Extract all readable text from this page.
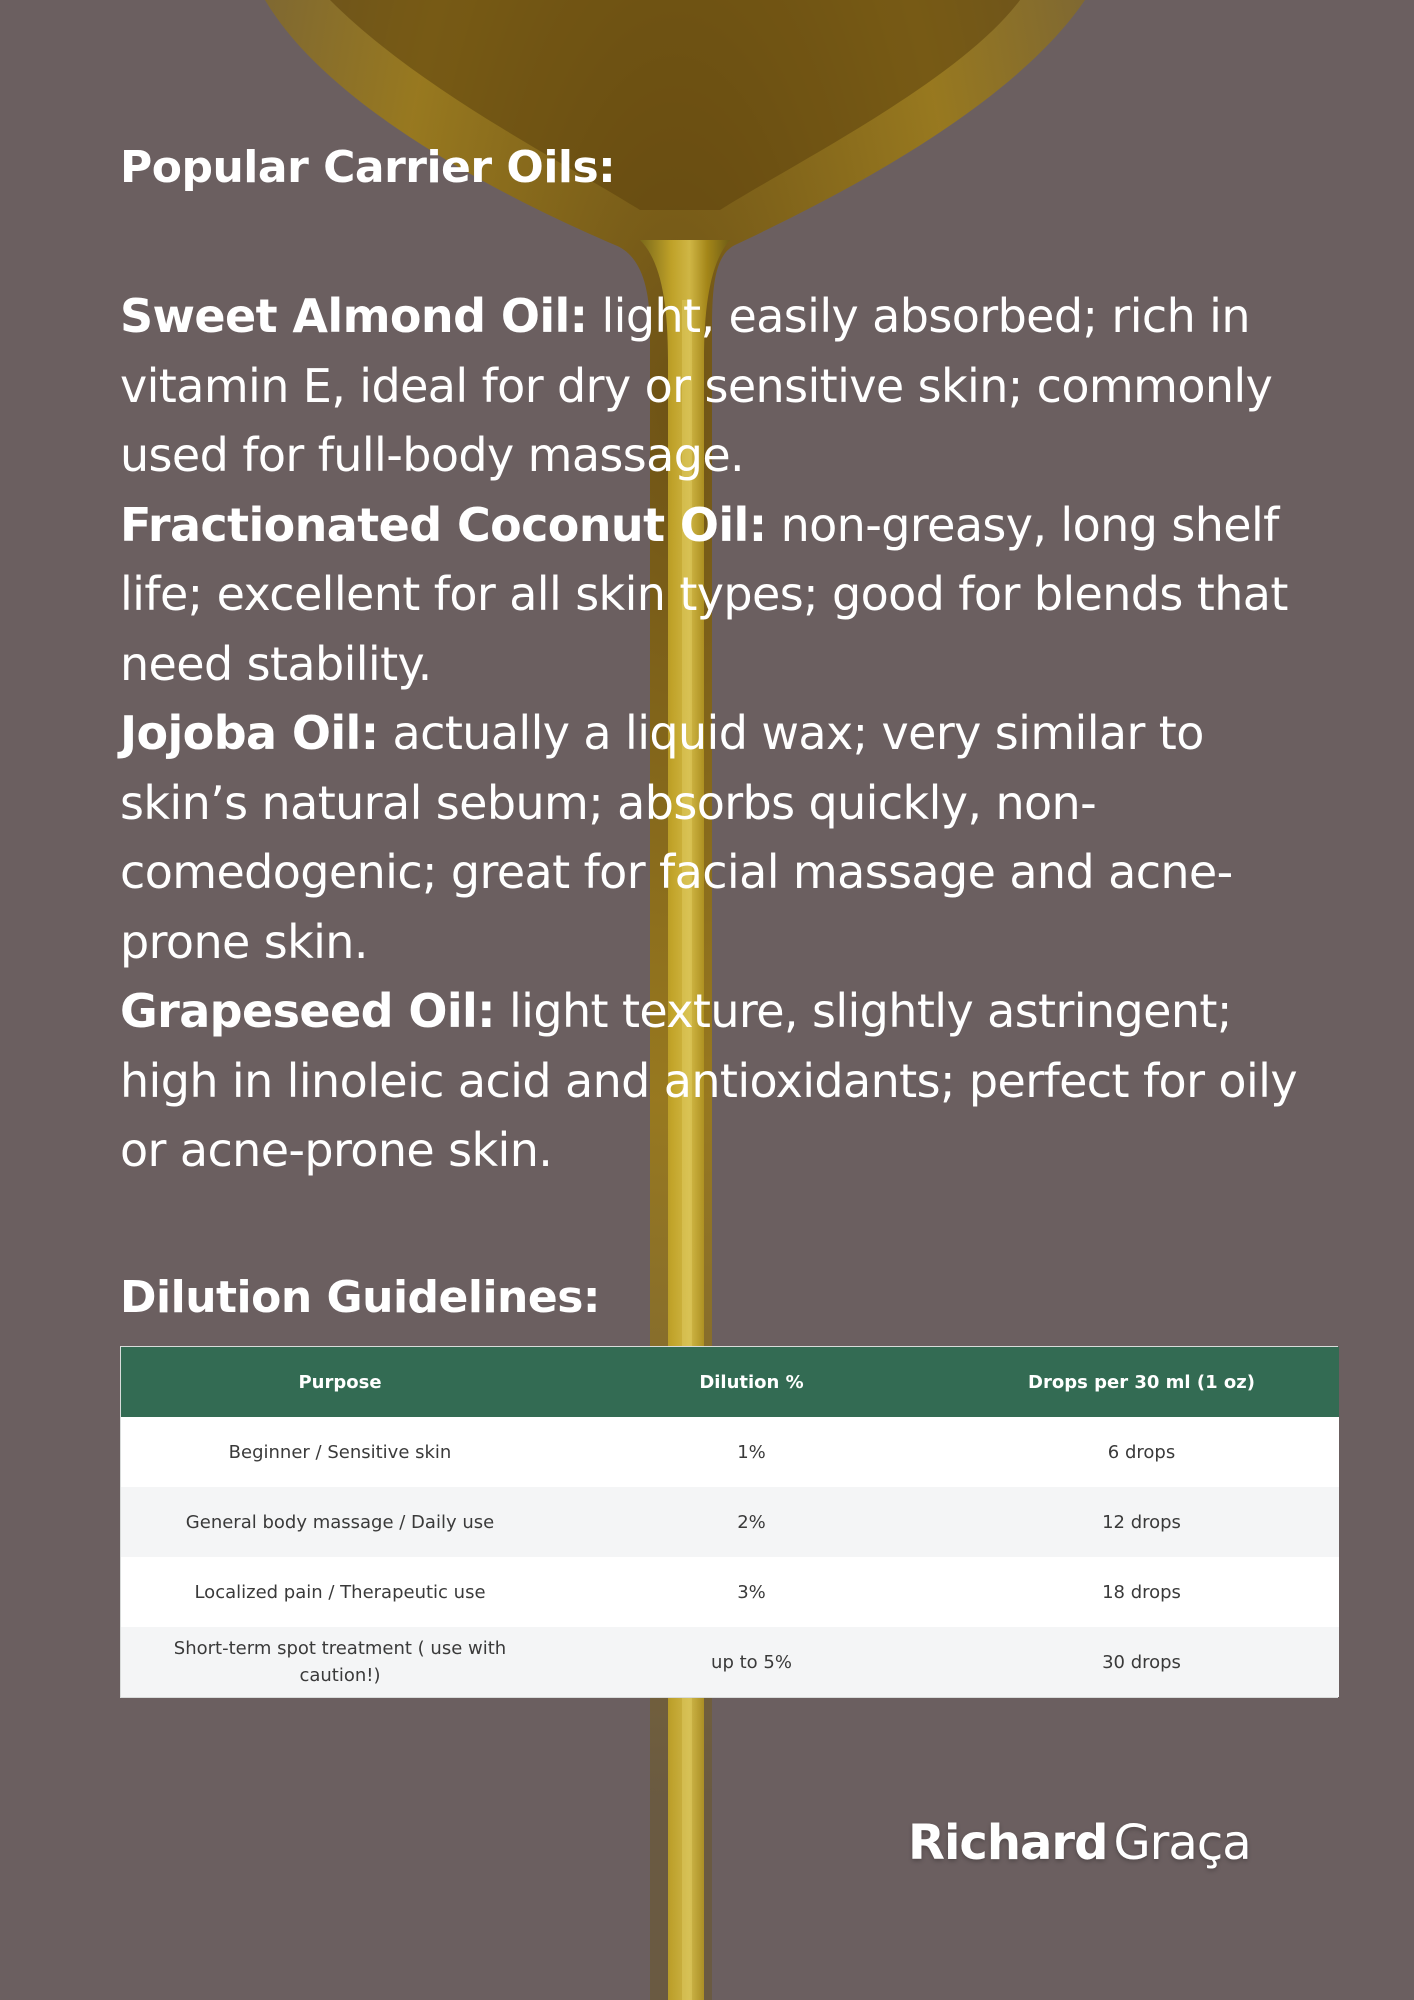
Popular Carrier Oils:

Sweet Almond Oil: light, easily absorbed; rich in vitamin E, ideal for dry or sensitive skin; commonly used for full-body massage.

Fractionated Coconut Oil: non-greasy, long shelf life; excellent for all skin types; good for blends that need stability.

Jojoba Oil: actually a liquid wax; very similar to skin’s natural sebum; absorbs quickly, non-comedogenic; great for facial massage and acne-prone skin.

Grapeseed Oil: light texture, slightly astringent; high in linoleic acid and antioxidants; perfect for oily or acne-prone skin.

Dilution Guidelines:
Purpose	Dilution %	Drops per 30 ml (1 oz)
Beginner / Sensitive skin	1%	6 drops
General body massage / Daily use	2%	12 drops
Localized pain / Therapeutic use	3%	18 drops
Short-term spot treatment ( use with caution!)	up to 5%	30 drops
Richard Graça
